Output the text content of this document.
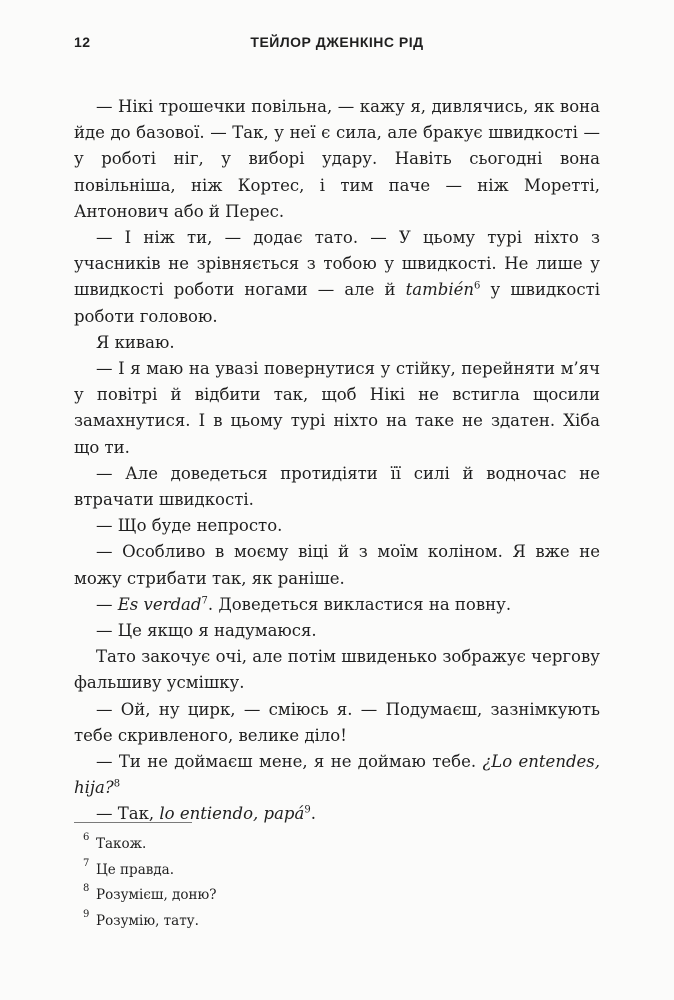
12	ТЕЙЛОР ДЖЕНКІНС РІД

— Нікі трошечки повільна, — кажу я, дивлячись, як вона йде до базової. — Так, у неї є сила, але бракує швидкості — у роботі ніг, у виборі удару. Навіть сьогодні вона повільніша, ніж Кортес, і тим паче — ніж Моретті, Антонович або й Перес.

— І ніж ти, — додає тато. — У цьому турі ніхто з учасників не зрівняється з тобою у швидкості. Не лише у швидкості роботи ногами — але й también$^6$ у швидкості роботи головою.

Я киваю.

— І я маю на увазі повернутися у стійку, перейняти м’яч у повітрі й відбити так, щоб Нікі не встигла щосили замахнутися. І в цьому турі ніхто на таке не здатен. Хіба що ти.

— Але доведеться протидіяти її силі й водночас не втрачати швидкості.

— Що буде непросто.

— Особливо в моєму віці й з моїм коліном. Я вже не можу стрибати так, як раніше.

— Es verdad$^7$. Доведеться викластися на повну.

— Це якщо я надумаюся.

Тато закочує очі, але потім швиденько зображує чергову фальшиву усмішку.

— Ой, ну цирк, — сміюсь я. — Подумаєш, зазнімкують тебе скривленого, велике діло!

— Ти не доймаєш мене, я не доймаю тебе. ¿Lo entendes, hija?$^8$

— Так, lo entiendo, papá$^9$.

6 Також.
7 Це правда.
8 Розумієш, доню?
9 Розумію, тату.
